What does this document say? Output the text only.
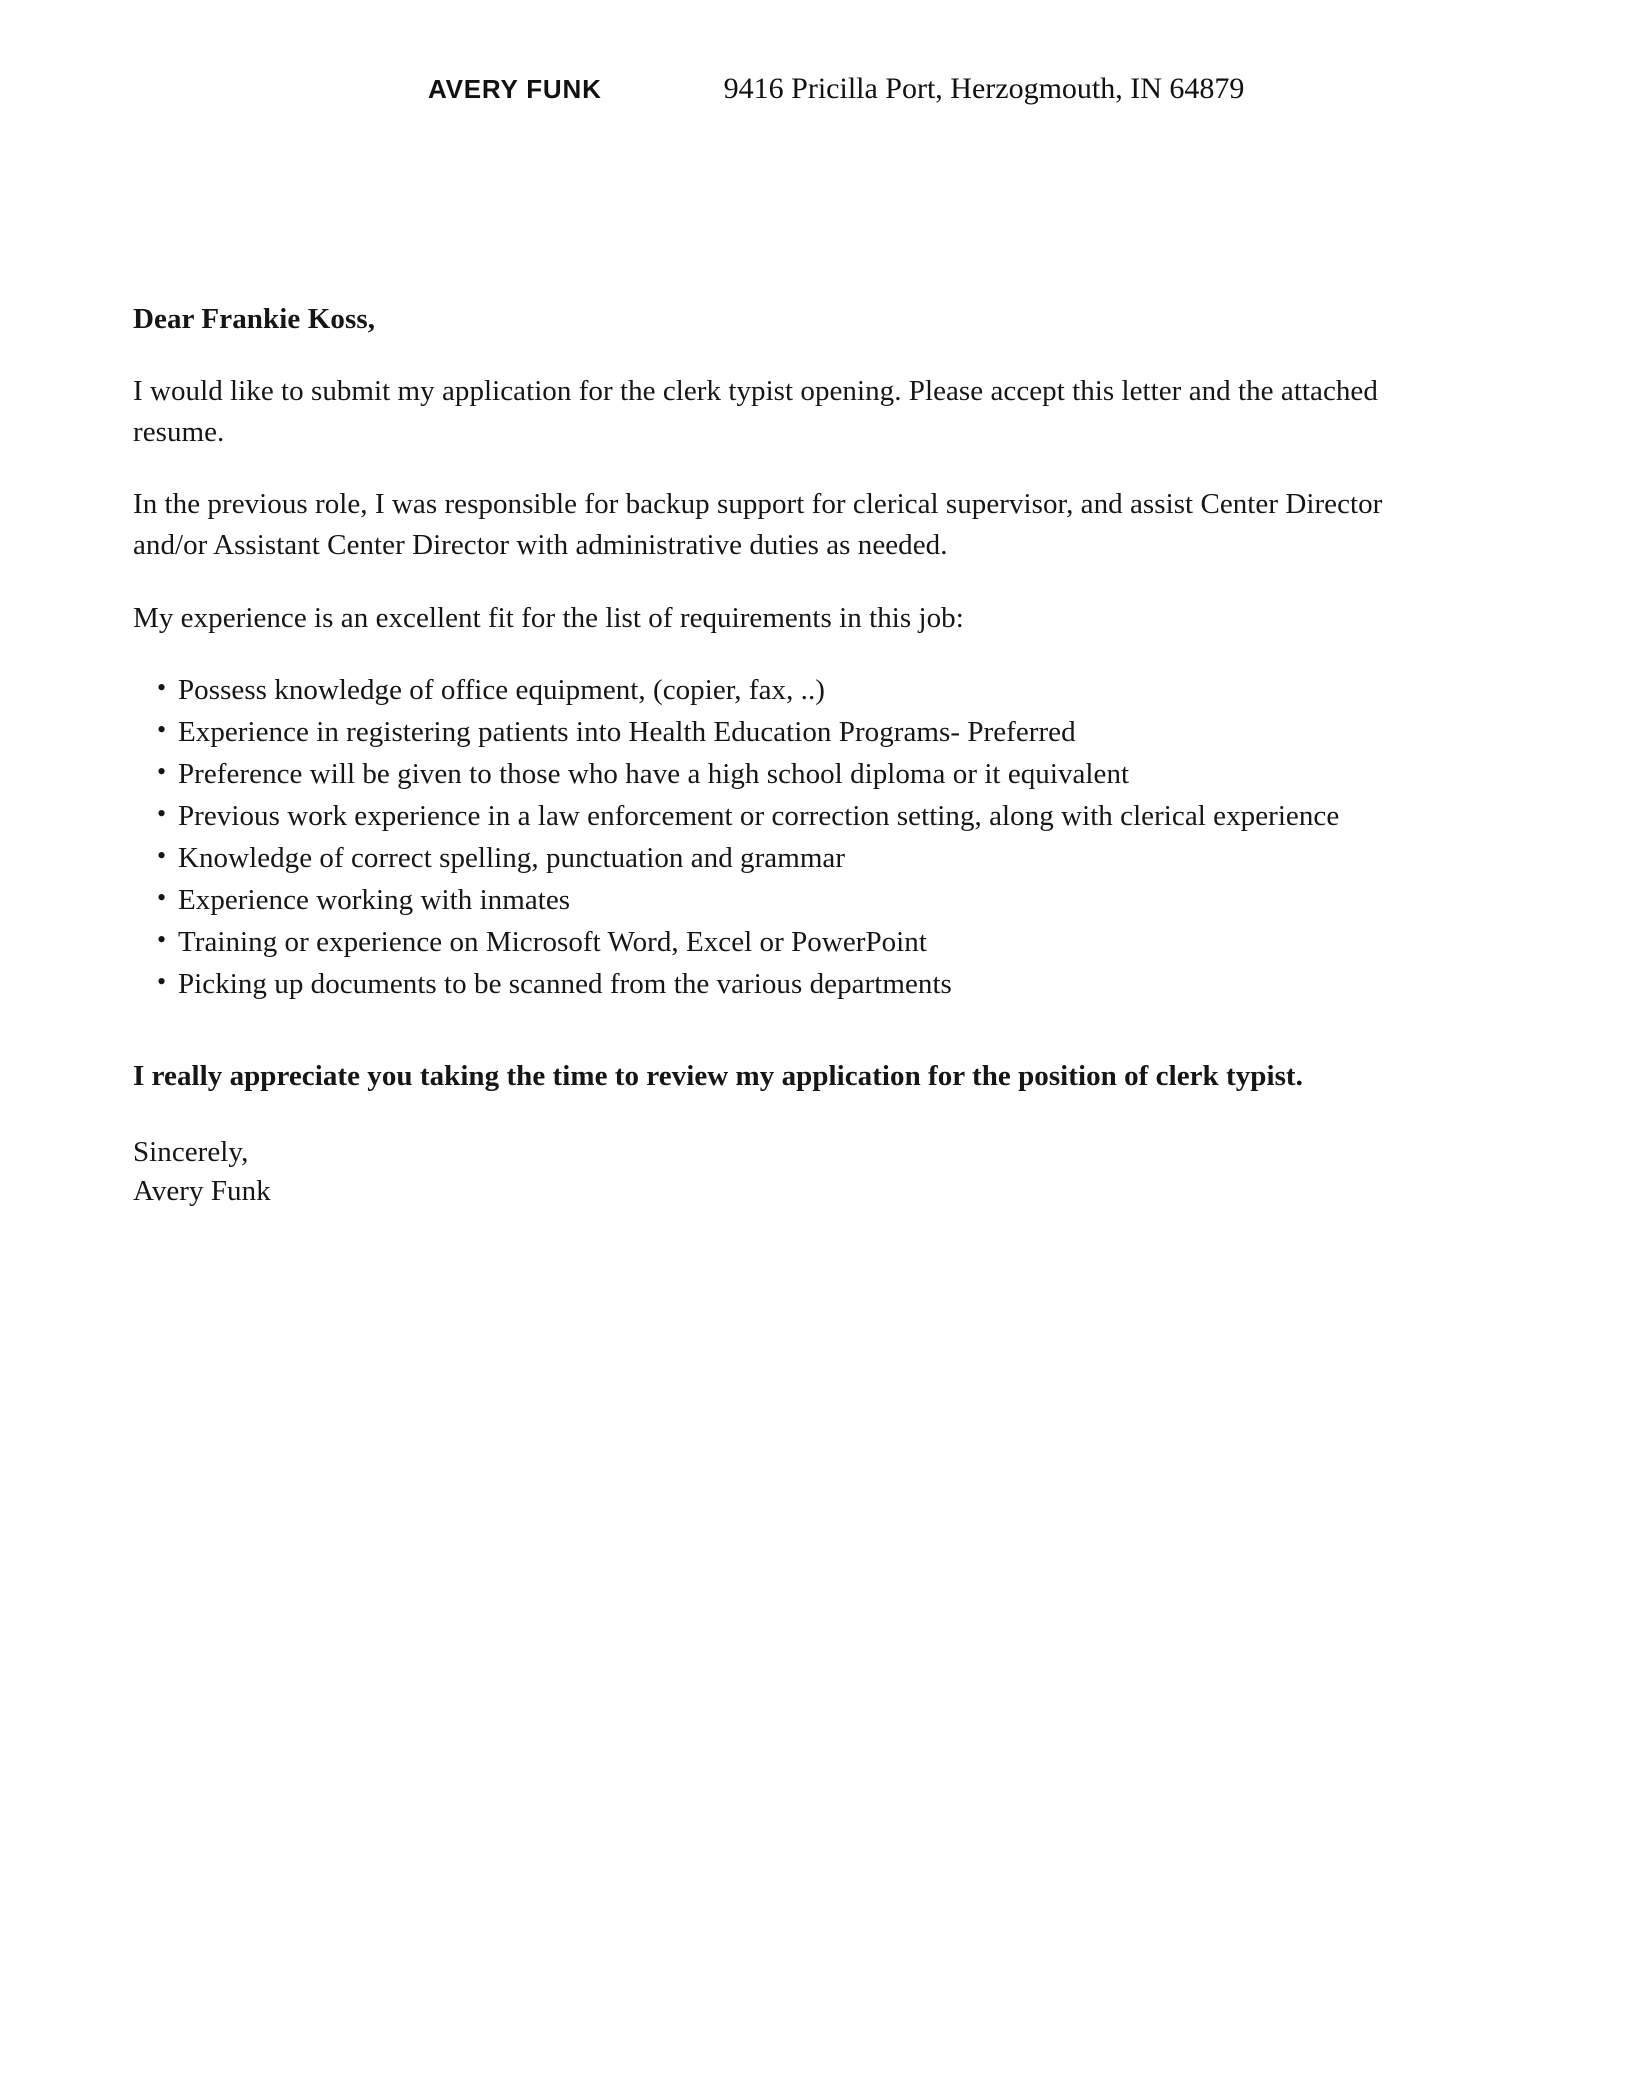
AVERY FUNK	9416 Pricilla Port, Herzogmouth, IN 64879

Dear Frankie Koss,

I would like to submit my application for the clerk typist opening. Please accept this letter and the attached resume.

In the previous role, I was responsible for backup support for clerical supervisor, and assist Center Director and/or Assistant Center Director with administrative duties as needed.

My experience is an excellent fit for the list of requirements in this job:

• Possess knowledge of office equipment, (copier, fax, ..)
• Experience in registering patients into Health Education Programs- Preferred
• Preference will be given to those who have a high school diploma or it equivalent
• Previous work experience in a law enforcement or correction setting, along with clerical experience
• Knowledge of correct spelling, punctuation and grammar
• Experience working with inmates
• Training or experience on Microsoft Word, Excel or PowerPoint
• Picking up documents to be scanned from the various departments

I really appreciate you taking the time to review my application for the position of clerk typist.

Sincerely,
Avery Funk
